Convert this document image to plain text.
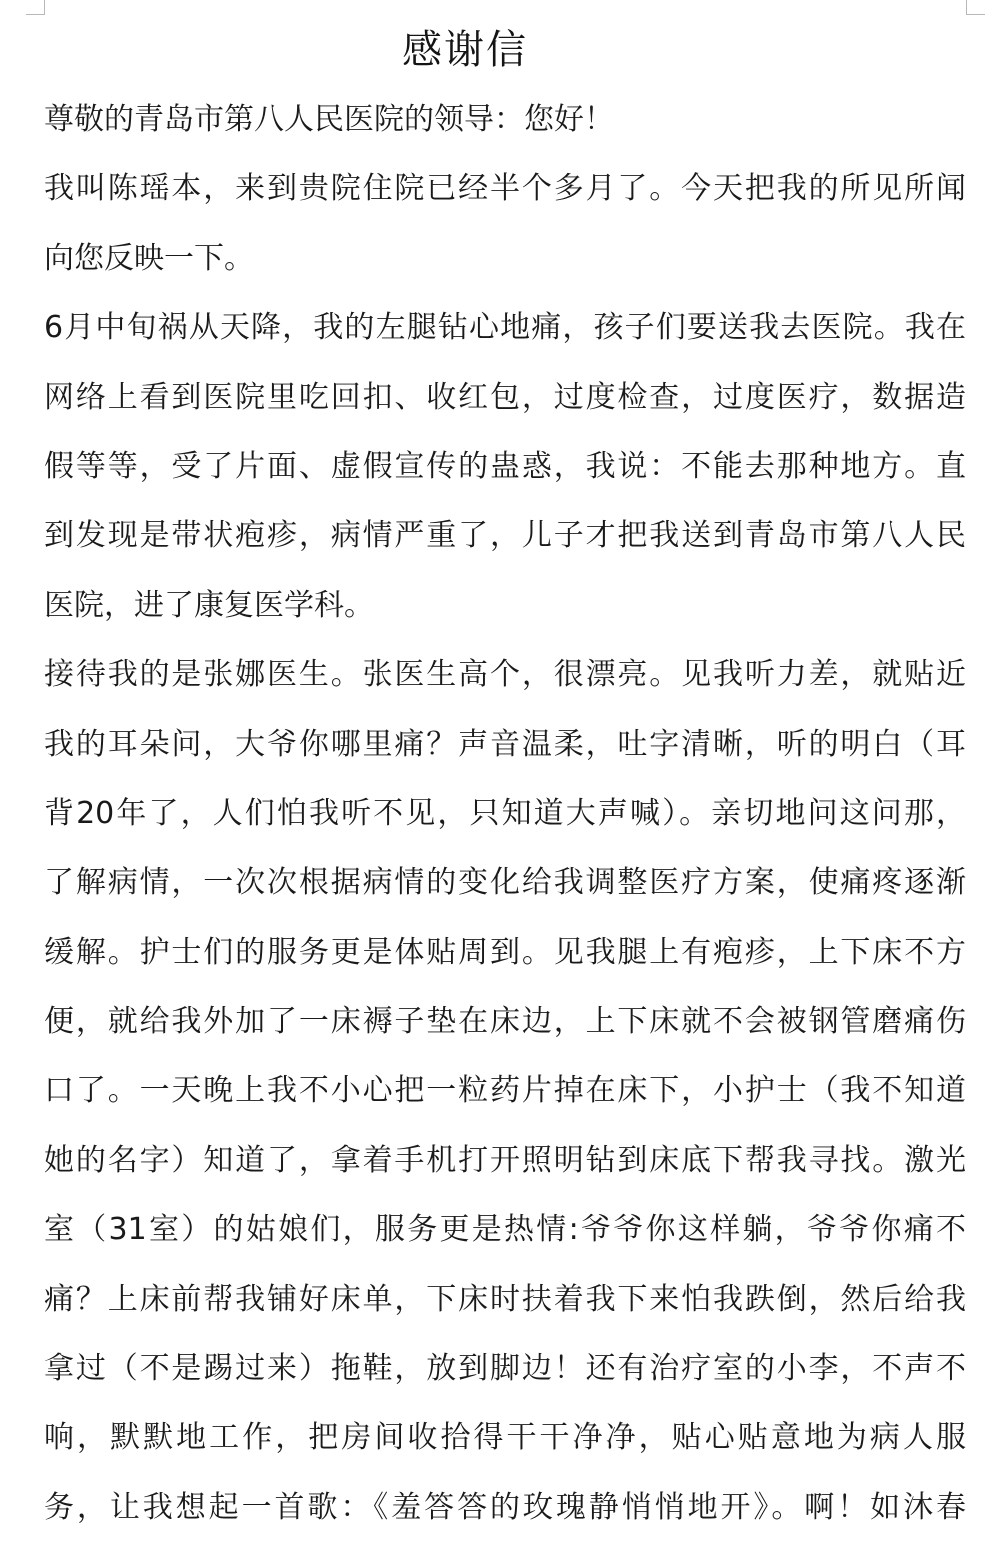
感谢信
尊敬的青岛市第八人民医院的领导：您好！
我叫陈瑶本，来到贵院住院已经半个多月了。今天把我的所见所闻
向您反映一下。
6月中旬祸从天降，我的左腿钻心地痛，孩子们要送我去医院。我在
网络上看到医院里吃回扣、收红包，过度检查，过度医疗，数据造
假等等，受了片面、虚假宣传的蛊惑，我说：不能去那种地方。直
到发现是带状疱疹，病情严重了，儿子才把我送到青岛市第八人民
医院，进了康复医学科。
接待我的是张娜医生。张医生高个，很漂亮。见我听力差，就贴近
我的耳朵问，大爷你哪里痛？声音温柔，吐字清晰，听的明白（耳
背20年了，人们怕我听不见，只知道大声喊）。亲切地问这问那，
了解病情，一次次根据病情的变化给我调整医疗方案，使痛疼逐渐
缓解。护士们的服务更是体贴周到。见我腿上有疱疹，上下床不方
便，就给我外加了一床褥子垫在床边，上下床就不会被钢管磨痛伤
口了。一天晚上我不小心把一粒药片掉在床下，小护士（我不知道
她的名字）知道了，拿着手机打开照明钻到床底下帮我寻找。激光
室（31室）的姑娘们，服务更是热情:爷爷你这样躺，爷爷你痛不
痛？上床前帮我铺好床单，下床时扶着我下来怕我跌倒，然后给我
拿过（不是踢过来）拖鞋，放到脚边！还有治疗室的小李，不声不
响，默默地工作，把房间收拾得干干净净，贴心贴意地为病人服
务，让我想起一首歌：《羞答答的玫瑰静悄悄地开》。啊！如沐春
